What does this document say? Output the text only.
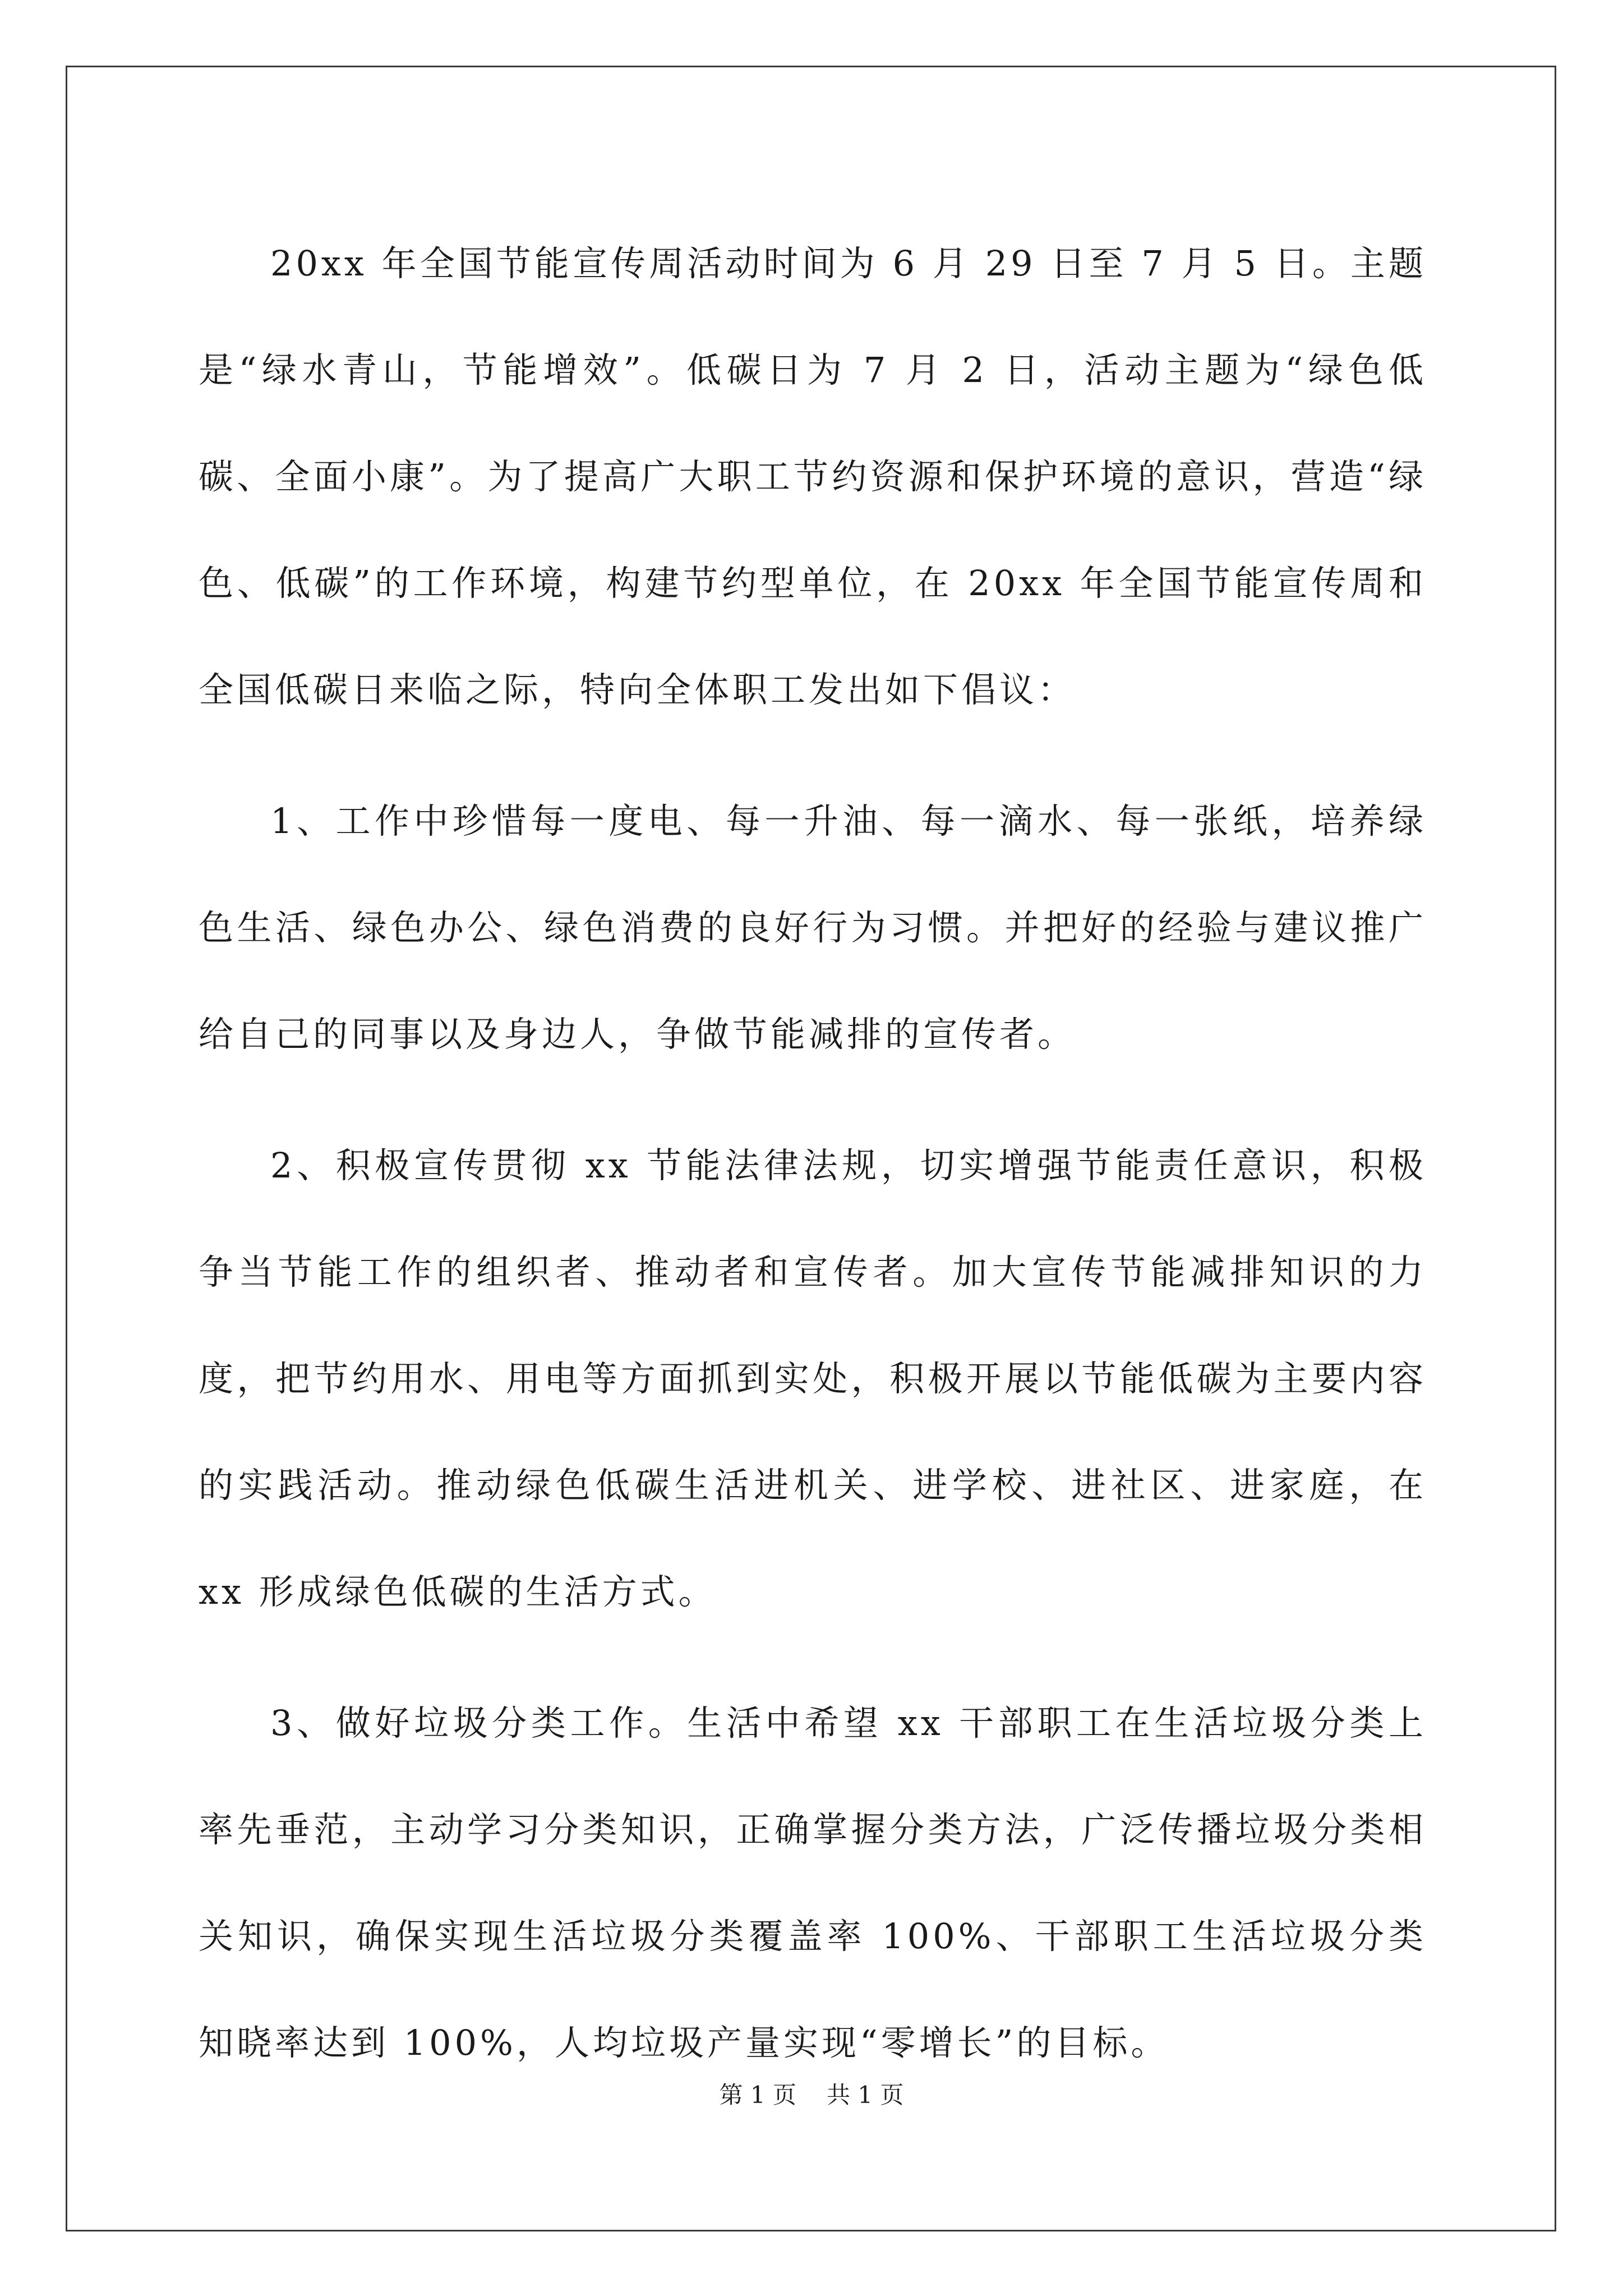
20xx 年全国节能宣传周活动时间为 6 月 29 日至 7 月 5 日。主题是“绿水青山，节能增效”。低碳日为 7 月 2 日，活动主题为“绿色低碳、全面小康”。为了提高广大职工节约资源和保护环境的意识，营造“绿色、低碳”的工作环境，构建节约型单位，在 20xx 年全国节能宣传周和全国低碳日来临之际，特向全体职工发出如下倡议：

1、工作中珍惜每一度电、每一升油、每一滴水、每一张纸，培养绿色生活、绿色办公、绿色消费的良好行为习惯。并把好的经验与建议推广给自己的同事以及身边人，争做节能减排的宣传者。

2、积极宣传贯彻 xx 节能法律法规，切实增强节能责任意识，积极争当节能工作的组织者、推动者和宣传者。加大宣传节能减排知识的力度，把节约用水、用电等方面抓到实处，积极开展以节能低碳为主要内容的实践活动。推动绿色低碳生活进机关、进学校、进社区、进家庭，在 xx 形成绿色低碳的生活方式。

3、做好垃圾分类工作。生活中希望 xx 干部职工在生活垃圾分类上率先垂范，主动学习分类知识，正确掌握分类方法，广泛传播垃圾分类相关知识，确保实现生活垃圾分类覆盖率 100%、干部职工生活垃圾分类知晓率达到 100%，人均垃圾产量实现“零增长”的目标。

第 1 页 共 1 页
